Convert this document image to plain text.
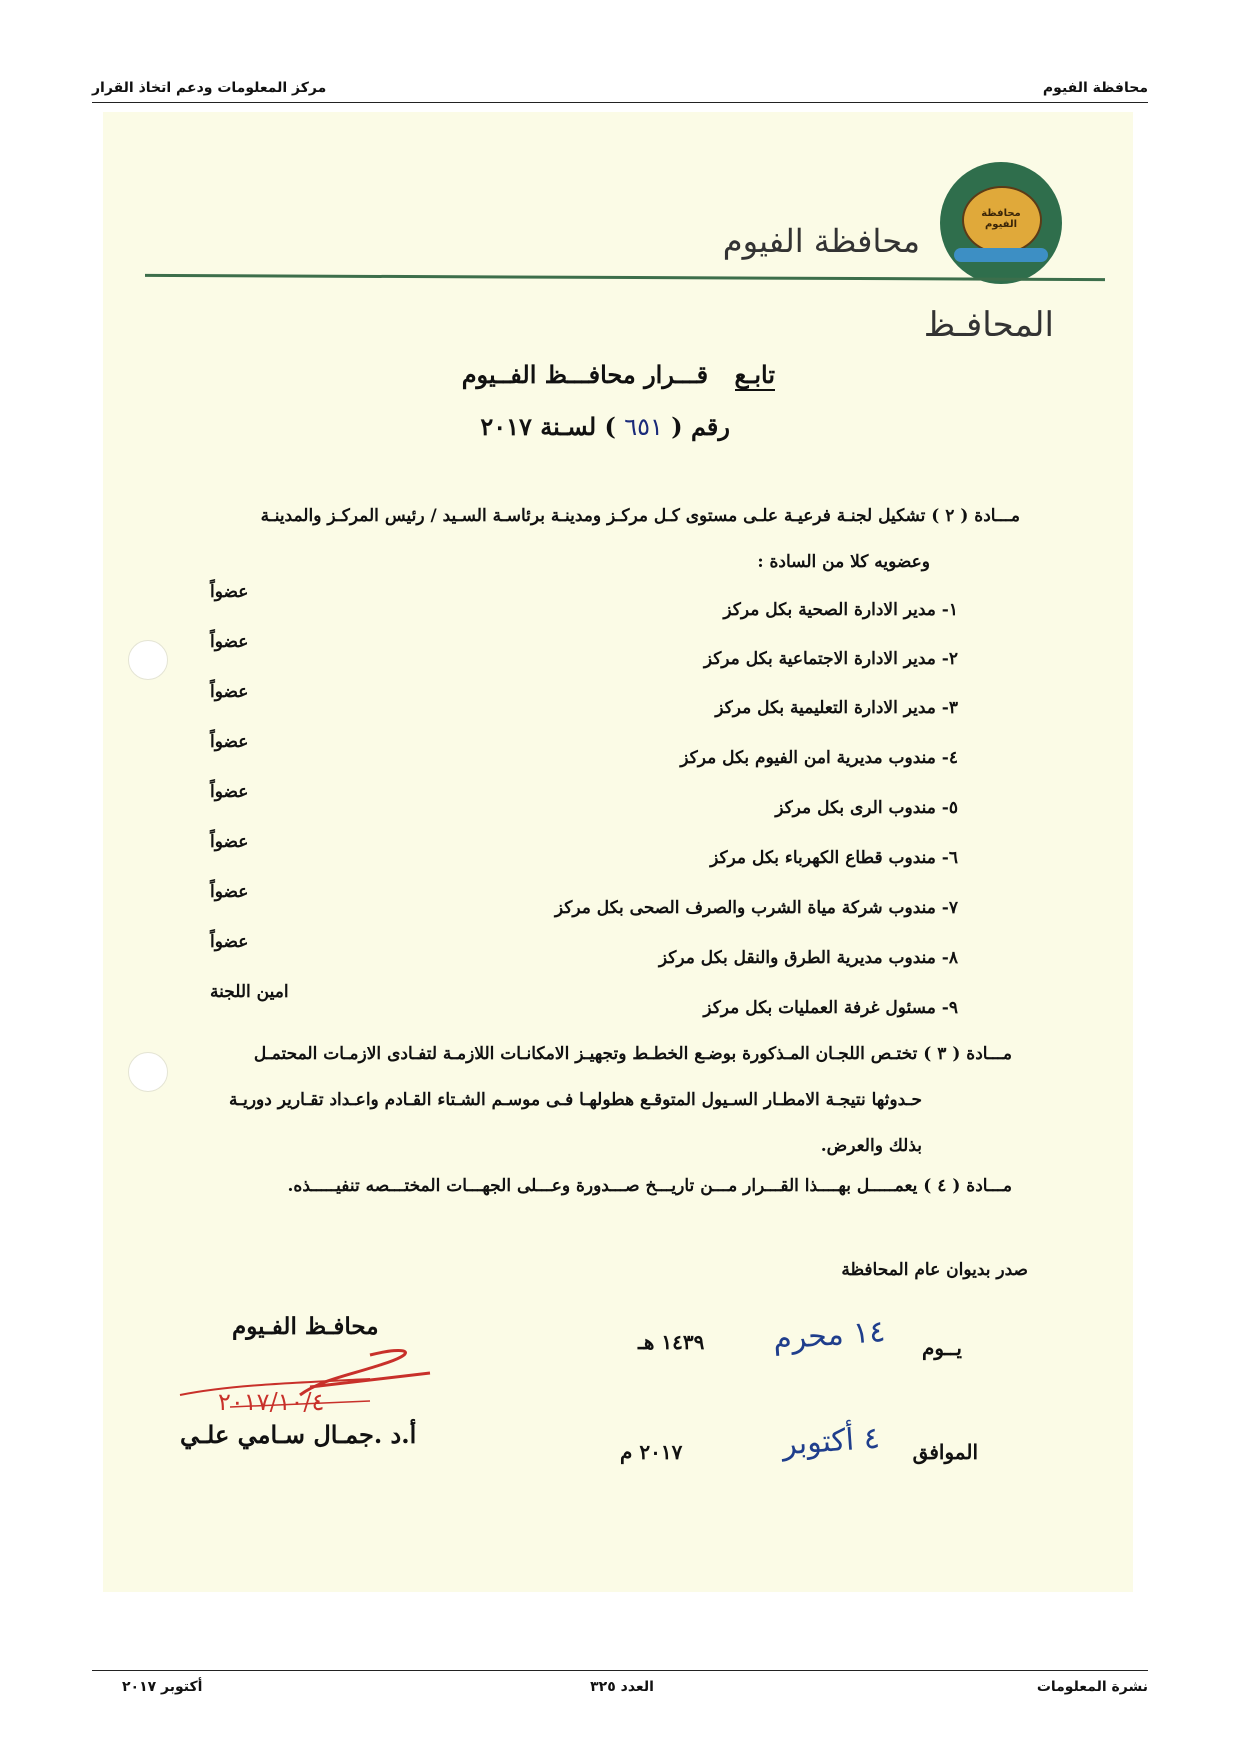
محافظة الفيوم
مركز المعلومات ودعم اتخاذ القرار
محافظة الفيوم
محافظة الفيوم
المحافـظ
تابـع قـــرار محافـــظ الفــيوم
رقم ( ٦٥١ ) لسـنة ٢٠١٧
مـــادة ( ٢ ) تشكيل لجنـة فرعيـة علـى مستوى كـل مركـز ومدينـة برئاسـة السـيد / رئيس المركـز والمدينـة
وعضويه كلا من السادة :
١- مدير الادارة الصحية بكل مركز
عضواً
٢- مدير الادارة الاجتماعية بكل مركز
عضواً
٣- مدير الادارة التعليمية بكل مركز
عضواً
٤- مندوب مديرية امن الفيوم بكل مركز
عضواً
٥- مندوب الرى بكل مركز
عضواً
٦- مندوب قطاع الكهرباء بكل مركز
عضواً
٧- مندوب شركة مياة الشرب والصرف الصحى بكل مركز
عضواً
٨- مندوب مديرية الطرق والنقل بكل مركز
عضواً
٩- مسئول غرفة العمليات بكل مركز
امين اللجنة
مـــادة ( ٣ ) تختـص اللجـان المـذكورة بوضـع الخطـط وتجهيـز الامكانـات اللازمـة لتفـادى الازمـات المحتمـل
حـدوثها نتيجـة الامطـار السـيول المتوقـع هطولهـا فـى موسـم الشـتاء القـادم واعـداد تقـارير دوريـة
بذلك والعرض.
مـــادة ( ٤ ) يعمـــــل بهــــذا القـــرار مـــن تاريـــخ صـــدورة وعـــلى الجهـــات المختـــصه تنفيـــــذه.
صدر بديوان عام المحافظة
يــوم
١٤ محرم
١٤٣٩ هـ
الموافق
٤ أكتوبر
٢٠١٧ م
محافـظ الفـيوم
٢٠١٧/١٠/٤
أ.د .جمـال سـامي علـي
نشرة المعلومات
العدد ٣٢٥
أكتوبر ٢٠١٧
